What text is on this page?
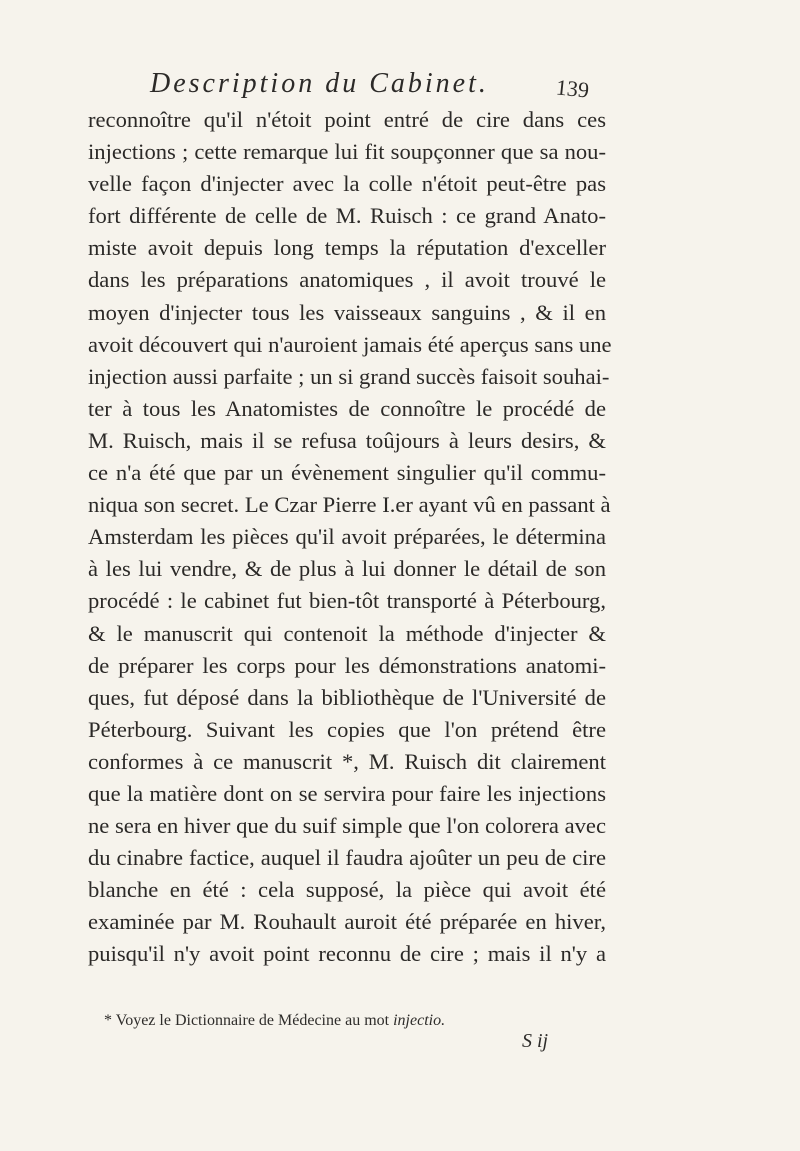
Description du Cabinet.	139
reconnoître qu'il n'étoit point entré de cire dans ces
injections ; cette remarque lui fit soupçonner que sa nou-
velle façon d'injecter avec la colle n'étoit peut-être pas
fort différente de celle de M. Ruisch : ce grand Anato-
miste avoit depuis long temps la réputation d'exceller
dans les préparations anatomiques , il avoit trouvé le
moyen d'injecter tous les vaisseaux sanguins , & il en
avoit découvert qui n'auroient jamais été aperçus sans une
injection aussi parfaite ; un si grand succès faisoit souhai-
ter à tous les Anatomistes de connoître le procédé de
M. Ruisch, mais il se refusa toûjours à leurs desirs, &
ce n'a été que par un évènement singulier qu'il commu-
niqua son secret. Le Czar Pierre I.er ayant vû en passant à
Amsterdam les pièces qu'il avoit préparées, le détermina
à les lui vendre, & de plus à lui donner le détail de son
procédé : le cabinet fut bien-tôt transporté à Péterbourg,
& le manuscrit qui contenoit la méthode d'injecter &
de préparer les corps pour les démonstrations anatomi-
ques, fut déposé dans la bibliothèque de l'Université de
Péterbourg. Suivant les copies que l'on prétend être
conformes à ce manuscrit *, M. Ruisch dit clairement
que la matière dont on se servira pour faire les injections
ne sera en hiver que du suif simple que l'on colorera avec
du cinabre factice, auquel il faudra ajoûter un peu de cire
blanche en été : cela supposé, la pièce qui avoit été
examinée par M. Rouhault auroit été préparée en hiver,
puisqu'il n'y avoit point reconnu de cire ; mais il n'y a
* Voyez le Dictionnaire de Médecine au mot injectio.
S ij
